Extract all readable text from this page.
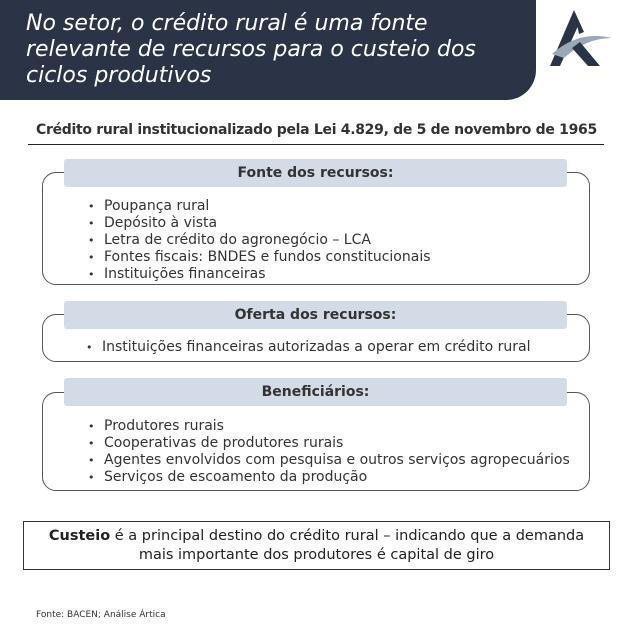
No setor, o crédito rural é uma fonte relevante de recursos para o custeio dos ciclos produtivos
Crédito rural institucionalizado pela Lei 4.829, de 5 de novembro de 1965
Fonte dos recursos:
• Poupança rural
• Depósito à vista
• Letra de crédito do agronegócio – LCA
• Fontes fiscais: BNDES e fundos constitucionais
• Instituições financeiras
Oferta dos recursos:
• Instituições financeiras autorizadas a operar em crédito rural
Beneficiários:
• Produtores rurais
• Cooperativas de produtores rurais
• Agentes envolvidos com pesquisa e outros serviços agropecuários
• Serviços de escoamento da produção
Custeio é a principal destino do crédito rural – indicando que a demanda
mais importante dos produtores é capital de giro
Fonte: BACEN; Análise Ártica
